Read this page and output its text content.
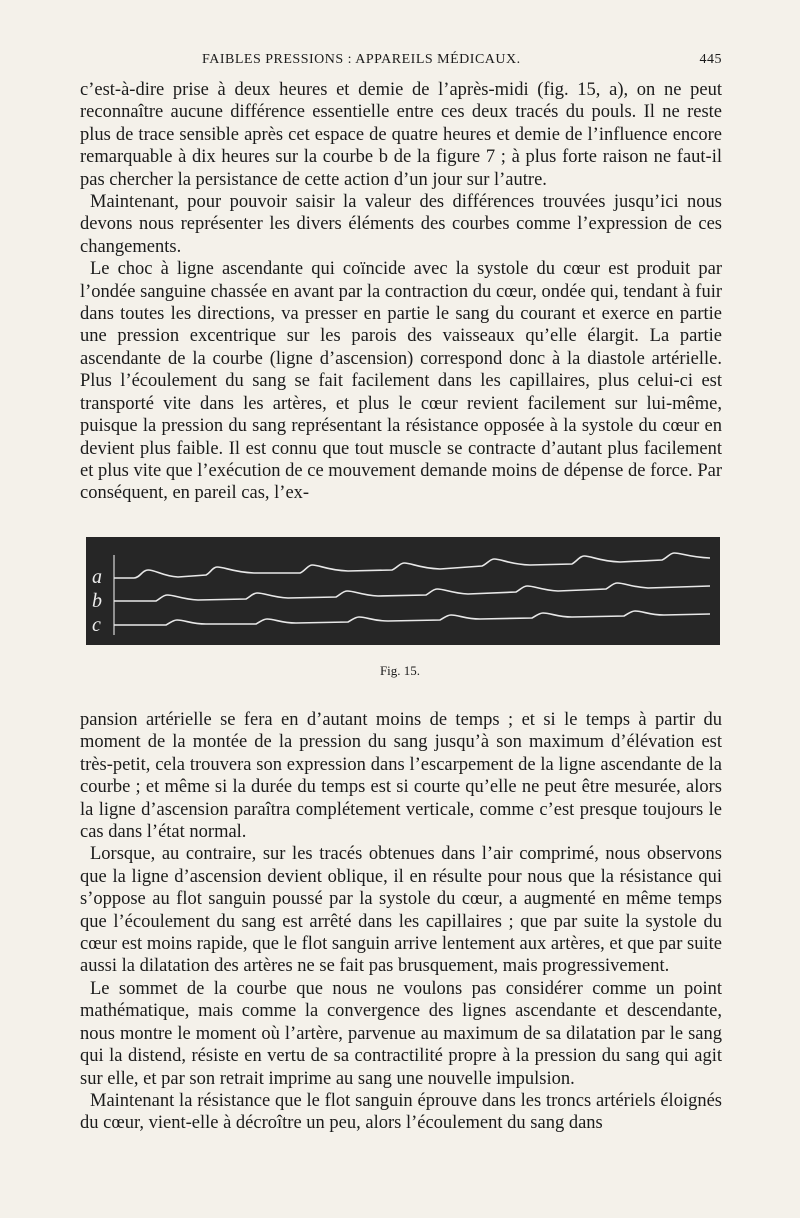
FAIBLES PRESSIONS : APPAREILS MÉDICAUX.	445

c’est-à-dire prise à deux heures et demie de l’après-midi (fig. 15, a), on ne peut reconnaître aucune différence essentielle entre ces deux tracés du pouls. Il ne reste plus de trace sensible après cet espace de quatre heures et demie de l’influence encore remarquable à dix heures sur la courbe b de la figure 7 ; à plus forte raison ne faut-il pas chercher la persistance de cette action d’un jour sur l’autre.

Maintenant, pour pouvoir saisir la valeur des différences trouvées jusqu’ici nous devons nous représenter les divers éléments des courbes comme l’expression de ces changements.

Le choc à ligne ascendante qui coïncide avec la systole du cœur est produit par l’ondée sanguine chassée en avant par la contraction du cœur, ondée qui, tendant à fuir dans toutes les directions, va presser en partie le sang du courant et exerce en partie une pression excentrique sur les parois des vaisseaux qu’elle élargit. La partie ascendante de la courbe (ligne d’ascension) correspond donc à la diastole artérielle. Plus l’écoulement du sang se fait facilement dans les capillaires, plus celui-ci est transporté vite dans les artères, et plus le cœur revient facilement sur lui-même, puisque la pression du sang représentant la résistance opposée à la systole du cœur en devient plus faible. Il est connu que tout muscle se contracte d’autant plus facilement et plus vite que l’exécution de ce mouvement demande moins de dépense de force. Par conséquent, en pareil cas, l’ex-

a
b
c
Fig. 15.

pansion artérielle se fera en d’autant moins de temps ; et si le temps à partir du moment de la montée de la pression du sang jusqu’à son maximum d’élévation est très-petit, cela trouvera son expression dans l’escarpement de la ligne ascendante de la courbe ; et même si la durée du temps est si courte qu’elle ne peut être mesurée, alors la ligne d’ascension paraîtra complétement verticale, comme c’est presque toujours le cas dans l’état normal.

Lorsque, au contraire, sur les tracés obtenues dans l’air comprimé, nous observons que la ligne d’ascension devient oblique, il en résulte pour nous que la résistance qui s’oppose au flot sanguin poussé par la systole du cœur, a augmenté en même temps que l’écoulement du sang est arrêté dans les capillaires ; que par suite la systole du cœur est moins rapide, que le flot sanguin arrive lentement aux artères, et que par suite aussi la dilatation des artères ne se fait pas brusquement, mais progressivement.

Le sommet de la courbe que nous ne voulons pas considérer comme un point mathématique, mais comme la convergence des lignes ascendante et descendante, nous montre le moment où l’artère, parvenue au maximum de sa dilatation par le sang qui la distend, résiste en vertu de sa contractilité propre à la pression du sang qui agit sur elle, et par son retrait imprime au sang une nouvelle impulsion.

Maintenant la résistance que le flot sanguin éprouve dans les troncs artériels éloignés du cœur, vient-elle à décroître un peu, alors l’écoulement du sang dans
